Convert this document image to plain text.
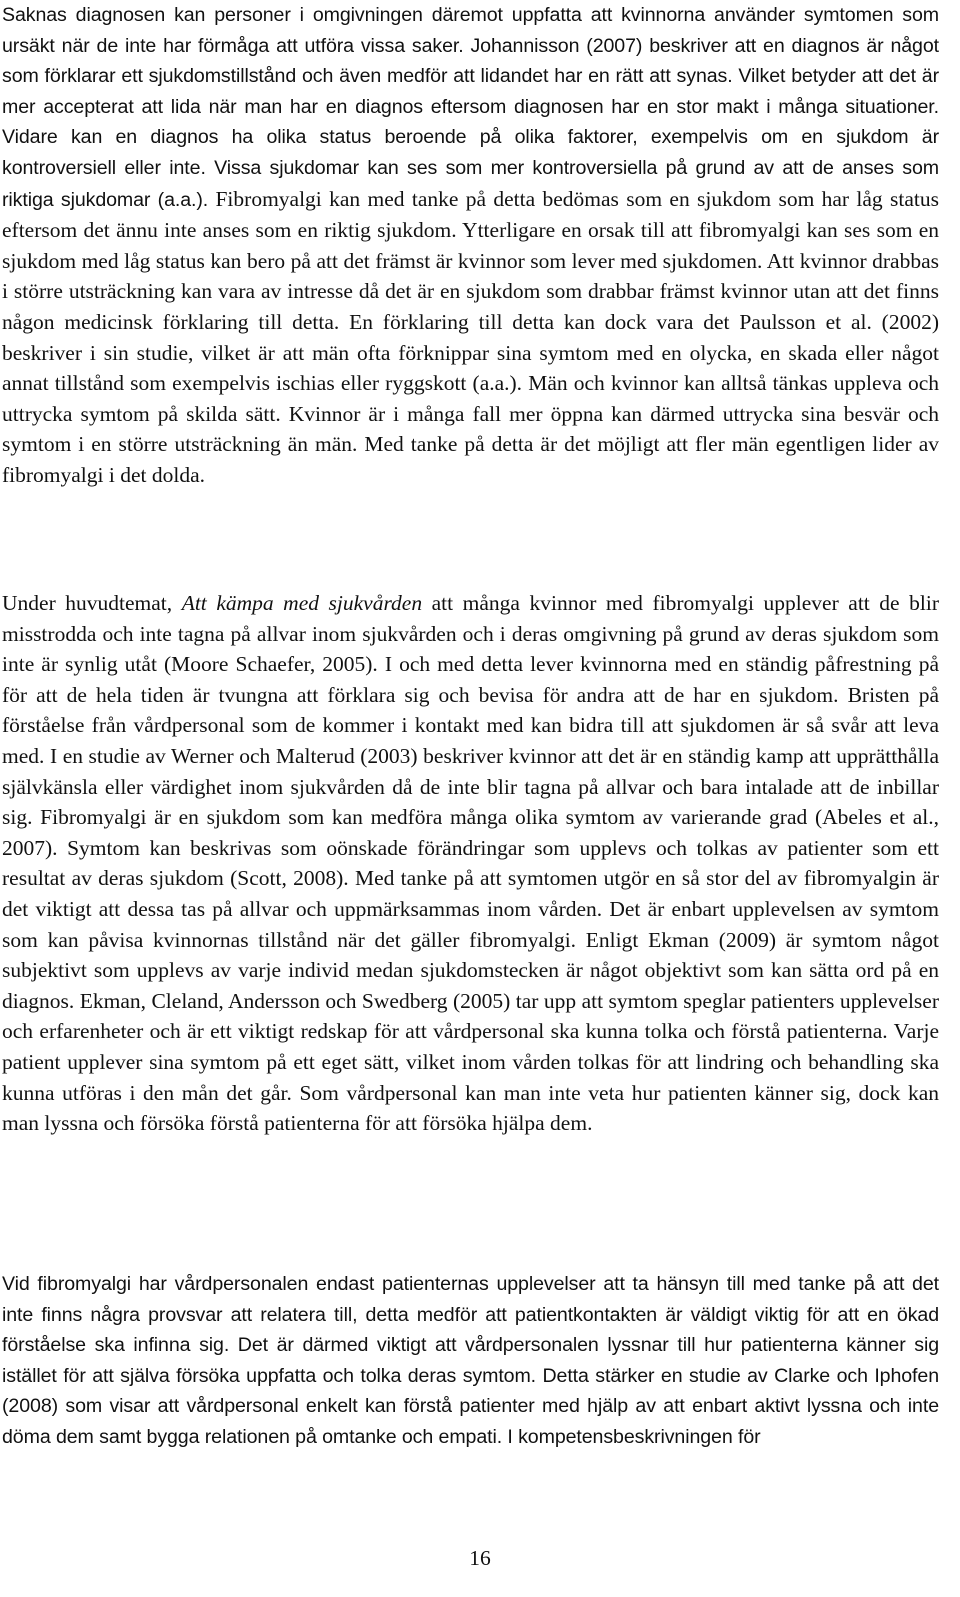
Saknas diagnosen kan personer i omgivningen däremot uppfatta att kvinnorna använder symtomen som ursäkt när de inte har förmåga att utföra vissa saker. Johannisson (2007) beskriver att en diagnos är något som förklarar ett sjukdomstillstånd och även medför att lidandet har en rätt att synas. Vilket betyder att det är mer accepterat att lida när man har en diagnos eftersom diagnosen har en stor makt i många situationer. Vidare kan en diagnos ha olika status beroende på olika faktorer, exempelvis om en sjukdom är kontroversiell eller inte. Vissa sjukdomar kan ses som mer kontroversiella på grund av att de anses som riktiga sjukdomar (a.a.). Fibromyalgi kan med tanke på detta bedömas som en sjukdom som har låg status eftersom det ännu inte anses som en riktig sjukdom. Ytterligare en orsak till att fibromyalgi kan ses som en sjukdom med låg status kan bero på att det främst är kvinnor som lever med sjukdomen. Att kvinnor drabbas i större utsträckning kan vara av intresse då det är en sjukdom som drabbar främst kvinnor utan att det finns någon medicinsk förklaring till detta. En förklaring till detta kan dock vara det Paulsson et al. (2002) beskriver i sin studie, vilket är att män ofta förknippar sina symtom med en olycka, en skada eller något annat tillstånd som exempelvis ischias eller ryggskott (a.a.). Män och kvinnor kan alltså tänkas uppleva och uttrycka symtom på skilda sätt. Kvinnor är i många fall mer öppna kan därmed uttrycka sina besvär och symtom i en större utsträckning än män. Med tanke på detta är det möjligt att fler män egentligen lider av fibromyalgi i det dolda.

Under huvudtemat, Att kämpa med sjukvården att många kvinnor med fibromyalgi upplever att de blir misstrodda och inte tagna på allvar inom sjukvården och i deras omgivning på grund av deras sjukdom som inte är synlig utåt (Moore Schaefer, 2005). I och med detta lever kvinnorna med en ständig påfrestning på för att de hela tiden är tvungna att förklara sig och bevisa för andra att de har en sjukdom. Bristen på förståelse från vårdpersonal som de kommer i kontakt med kan bidra till att sjukdomen är så svår att leva med. I en studie av Werner och Malterud (2003) beskriver kvinnor att det är en ständig kamp att upprätthålla självkänsla eller värdighet inom sjukvården då de inte blir tagna på allvar och bara intalade att de inbillar sig. Fibromyalgi är en sjukdom som kan medföra många olika symtom av varierande grad (Abeles et al., 2007). Symtom kan beskrivas som oönskade förändringar som upplevs och tolkas av patienter som ett resultat av deras sjukdom (Scott, 2008). Med tanke på att symtomen utgör en så stor del av fibromyalgin är det viktigt att dessa tas på allvar och uppmärksammas inom vården. Det är enbart upplevelsen av symtom som kan påvisa kvinnornas tillstånd när det gäller fibromyalgi. Enligt Ekman (2009) är symtom något subjektivt som upplevs av varje individ medan sjukdomstecken är något objektivt som kan sätta ord på en diagnos. Ekman, Cleland, Andersson och Swedberg (2005) tar upp att symtom speglar patienters upplevelser och erfarenheter och är ett viktigt redskap för att vårdpersonal ska kunna tolka och förstå patienterna. Varje patient upplever sina symtom på ett eget sätt, vilket inom vården tolkas för att lindring och behandling ska kunna utföras i den mån det går. Som vårdpersonal kan man inte veta hur patienten känner sig, dock kan man lyssna och försöka förstå patienterna för att försöka hjälpa dem.

Vid fibromyalgi har vårdpersonalen endast patienternas upplevelser att ta hänsyn till med tanke på att det inte finns några provsvar att relatera till, detta medför att patientkontakten är väldigt viktig för att en ökad förståelse ska infinna sig. Det är därmed viktigt att vårdpersonalen lyssnar till hur patienterna känner sig istället för att själva försöka uppfatta och tolka deras symtom. Detta stärker en studie av Clarke och Iphofen (2008) som visar att vårdpersonal enkelt kan förstå patienter med hjälp av att enbart aktivt lyssna och inte döma dem samt bygga relationen på omtanke och empati. I kompetensbeskrivningen för

16
